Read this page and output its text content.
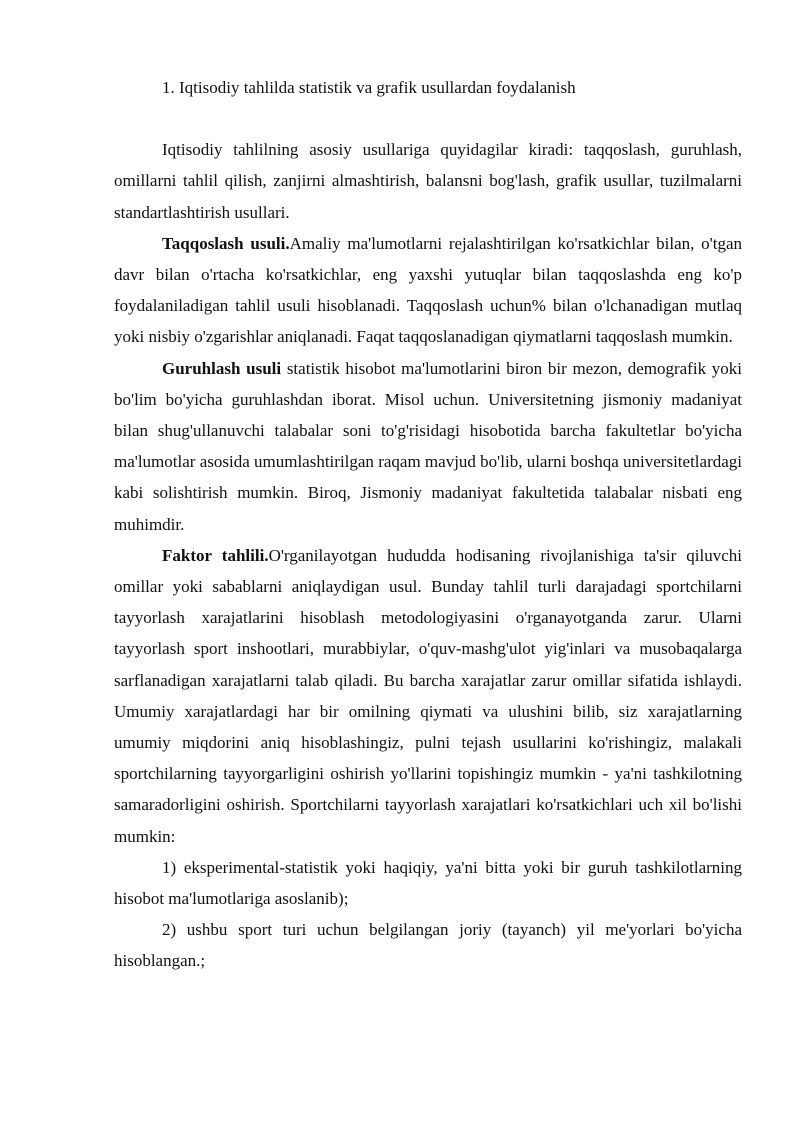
1. Iqtisodiy tahlilda statistik va grafik usullardan foydalanish

Iqtisodiy tahlilning asosiy usullariga quyidagilar kiradi: taqqoslash, guruhlash, omillarni tahlil qilish, zanjirni almashtirish, balansni bog'lash, grafik usullar, tuzilmalarni standartlashtirish usullari.

Taqqoslash usuli.Amaliy ma'lumotlarni rejalashtirilgan ko'rsatkichlar bilan, o'tgan davr bilan o'rtacha ko'rsatkichlar, eng yaxshi yutuqlar bilan taqqoslashda eng ko'p foydalaniladigan tahlil usuli hisoblanadi. Taqqoslash uchun% bilan o'lchanadigan mutlaq yoki nisbiy o'zgarishlar aniqlanadi. Faqat taqqoslanadigan qiymatlarni taqqoslash mumkin.

Guruhlash usuli statistik hisobot ma'lumotlarini biron bir mezon, demografik yoki bo'lim bo'yicha guruhlashdan iborat. Misol uchun. Universitetning jismoniy madaniyat bilan shug'ullanuvchi talabalar soni to'g'risidagi hisobotida barcha fakultetlar bo'yicha ma'lumotlar asosida umumlashtirilgan raqam mavjud bo'lib, ularni boshqa universitetlardagi kabi solishtirish mumkin. Biroq, Jismoniy madaniyat fakultetida talabalar nisbati eng muhimdir.

Faktor tahlili.O'rganilayotgan hududda hodisaning rivojlanishiga ta'sir qiluvchi omillar yoki sabablarni aniqlaydigan usul. Bunday tahlil turli darajadagi sportchilarni tayyorlash xarajatlarini hisoblash metodologiyasini o'rganayotganda zarur. Ularni tayyorlash sport inshootlari, murabbiylar, o'quv-mashg'ulot yig'inlari va musobaqalarga sarflanadigan xarajatlarni talab qiladi. Bu barcha xarajatlar zarur omillar sifatida ishlaydi. Umumiy xarajatlardagi har bir omilning qiymati va ulushini bilib, siz xarajatlarning umumiy miqdorini aniq hisoblashingiz, pulni tejash usullarini ko'rishingiz, malakali sportchilarning tayyorgarligini oshirish yo'llarini topishingiz mumkin - ya'ni tashkilotning samaradorligini oshirish. Sportchilarni tayyorlash xarajatlari ko'rsatkichlari uch xil bo'lishi mumkin:

1) eksperimental-statistik yoki haqiqiy, ya'ni bitta yoki bir guruh tashkilotlarning hisobot ma'lumotlariga asoslanib);

2) ushbu sport turi uchun belgilangan joriy (tayanch) yil me'yorlari bo'yicha hisoblangan.;
